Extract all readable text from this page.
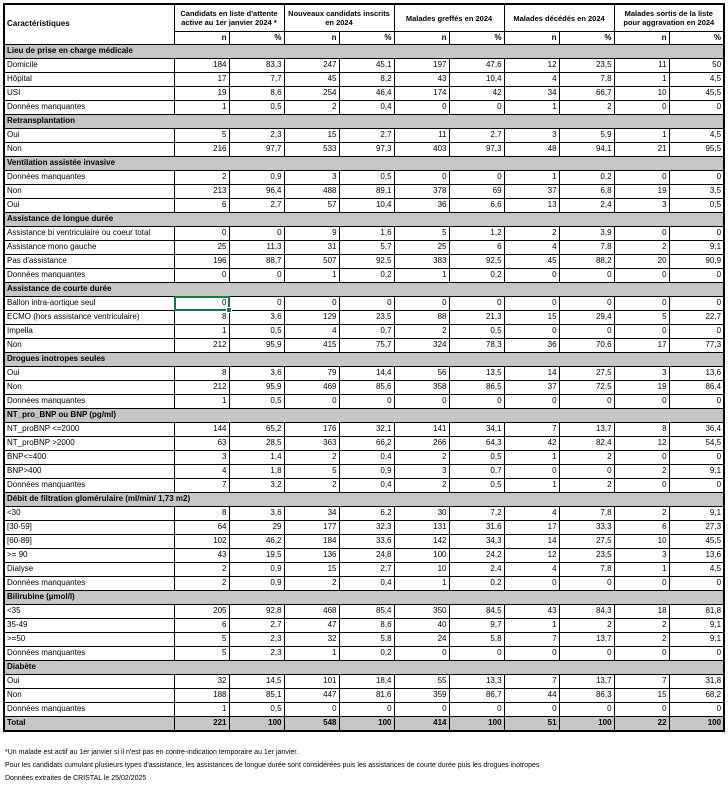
Caractéristiques	Candidats en liste d'attente active au 1er janvier 2024 *		Nouveaux candidats inscrits en 2024		Malades greffés en 2024		Malades décédés en 2024		Malades sortis de la liste pour aggravation en 2024	
	n	%	n	%	n	%	n	%	n	%
Lieu de prise en charge médicale										
Domicile	184	83,3	247	45,1	197	47,6	12	23,5	11	50
Hôpital	17	7,7	45	8,2	43	10,4	4	7,8	1	4,5
USI	19	8,6	254	46,4	174	42	34	66,7	10	45,5
Données manquantes	1	0,5	2	0,4	0	0	1	2	0	0
Retransplantation										
Oui	5	2,3	15	2,7	11	2,7	3	5,9	1	4,5
Non	216	97,7	533	97,3	403	97,3	48	94,1	21	95,5
Ventilation assistée invasive										
Données manquantes	2	0,9	3	0,5	0	0	1	0,2	0	0
Non	213	96,4	488	89,1	378	69	37	6,8	19	3,5
Oui	6	2,7	57	10,4	36	6,6	13	2,4	3	0,5
Assistance de longue durée										
Assistance bi ventriculaire ou coeur total	0	0	9	1,6	5	1,2	2	3,9	0	0
Assistance mono gauche	25	11,3	31	5,7	25	6	4	7,8	2	9,1
Pas d'assistance	196	88,7	507	92,5	383	92,5	45	88,2	20	90,9
Données manquantes	0	0	1	0,2	1	0,2	0	0	0	0
Assistance de courte durée										
Ballon intra-aortique seul	0	0	0	0	0	0	0	0	0	0
ECMO (hors assistance ventriculaire)	8	3,6	129	23,5	88	21,3	15	29,4	5	22,7
Impella	1	0,5	4	0,7	2	0,5	0	0	0	0
Non	212	95,9	415	75,7	324	78,3	36	70,6	17	77,3
Drogues inotropes seules										
Oui	8	3,6	79	14,4	56	13,5	14	27,5	3	13,6
Non	212	95,9	469	85,6	358	86,5	37	72,5	19	86,4
Données manquantes	1	0,5	0	0	0	0	0	0	0	0
NT_pro_BNP ou BNP (pg/ml)										
NT_proBNP <=2000	144	65,2	176	32,1	141	34,1	7	13,7	8	36,4
NT_proBNP >2000	63	28,5	363	66,2	266	64,3	42	82,4	12	54,5
BNP<=400	3	1,4	2	0,4	2	0,5	1	2	0	0
BNP>400	4	1,8	5	0,9	3	0,7	0	0	2	9,1
Données manquantes	7	3,2	2	0,4	2	0,5	1	2	0	0
Débit de filtration glomérulaire (ml/min/ 1,73 m2)										
<30	8	3,6	34	6,2	30	7,2	4	7,8	2	9,1
[30-59]	64	29	177	32,3	131	31,6	17	33,3	6	27,3
[60-89]	102	46,2	184	33,6	142	34,3	14	27,5	10	45,5
>= 90	43	19,5	136	24,8	100	24,2	12	23,5	3	13,6
Dialyse	2	0,9	15	2,7	10	2,4	4	7,8	1	4,5
Données manquantes	2	0,9	2	0,4	1	0,2	0	0	0	0
Bilirubine (µmol/l)										
<35	205	92,8	468	85,4	350	84,5	43	84,3	18	81,8
35-49	6	2,7	47	8,6	40	9,7	1	2	2	9,1
>=50	5	2,3	32	5,8	24	5,8	7	13,7	2	9,1
Données manquantes	5	2,3	1	0,2	0	0	0	0	0	0
Diabète										
Oui	32	14,5	101	18,4	55	13,3	7	13,7	7	31,8
Non	188	85,1	447	81,6	359	86,7	44	86,3	15	68,2
Données manquantes	1	0,5	0	0	0	0	0	0	0	0
Total	221	100	548	100	414	100	51	100	22	100
*Un malade est actif au 1er janvier si il n'est pas en contre-indication temporaire au 1er janvier.
Pour les candidats cumulant plusieurs types d'assistance, les assistances de longue durée sont considérées puis les assistances de courte durée puis les drogues inotropes
Données extraites de CRISTAL le 25/02/2025
